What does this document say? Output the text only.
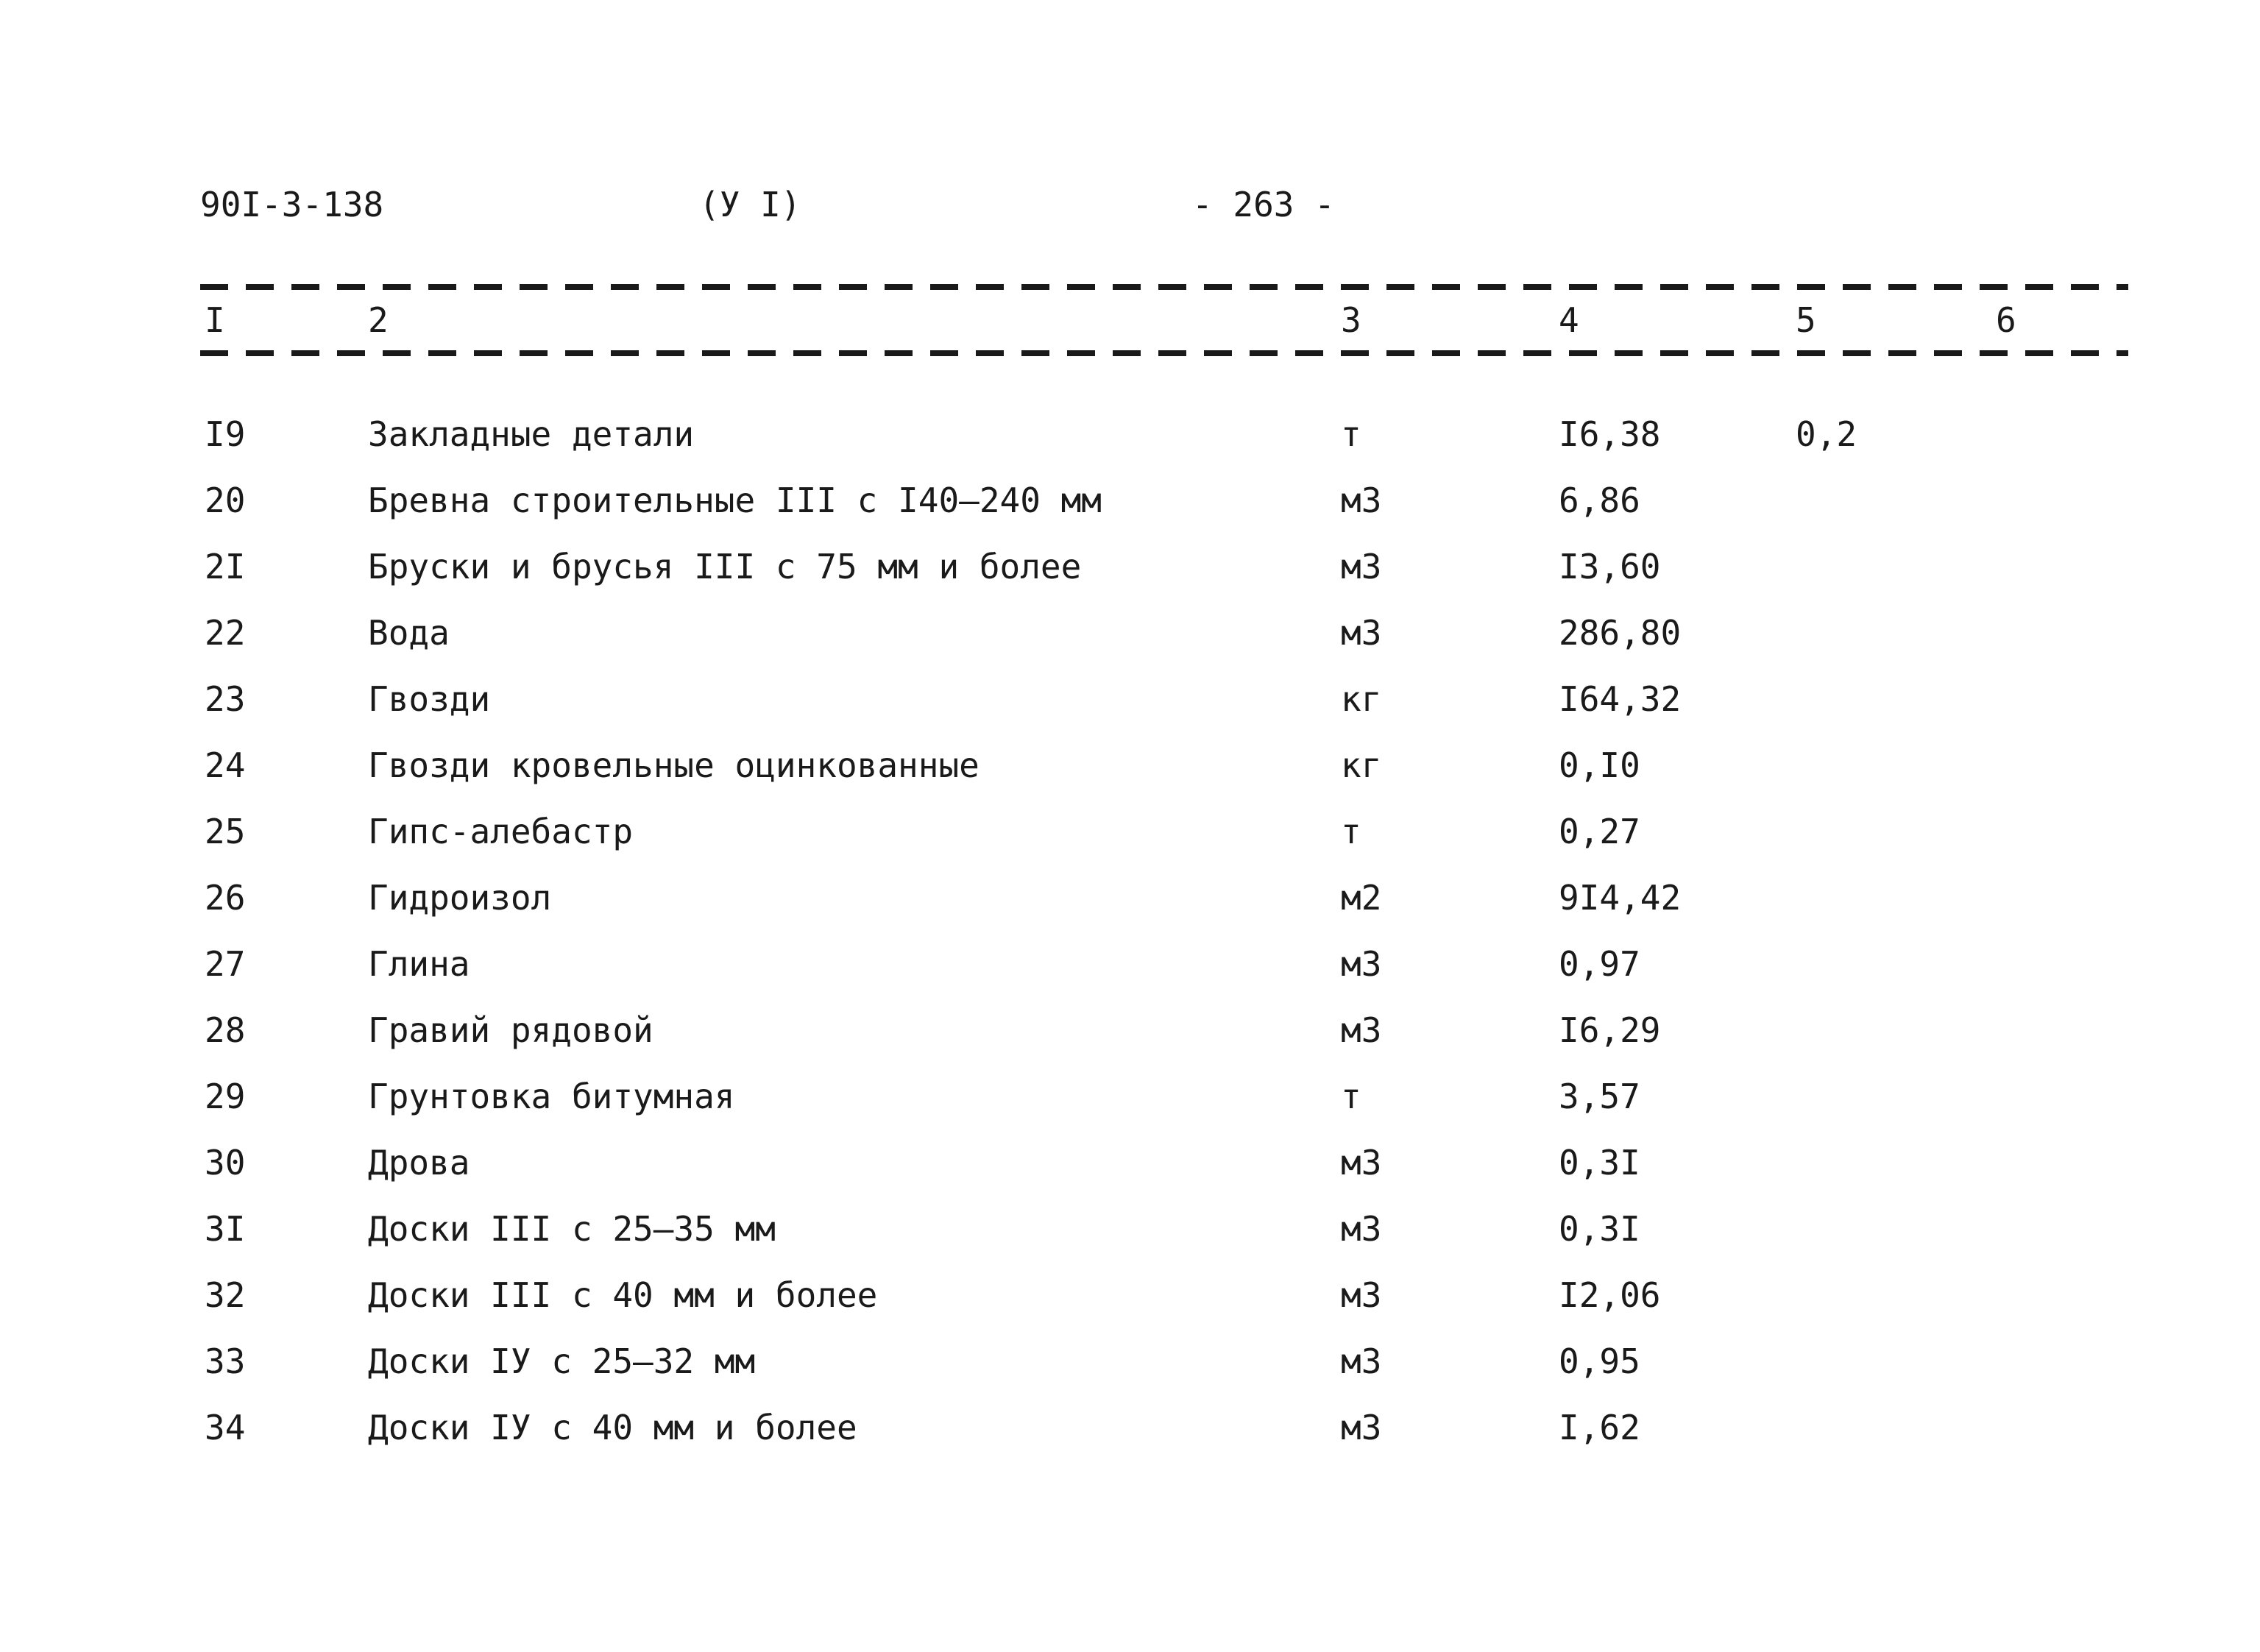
90I-3-138	(У I)	- 263 -
I	2	3	4	5	6
I9	Закладные детали	т	I6,38	0,2
20	Бревна строительные III с I40–240 мм	м3	6,86
2I	Бруски и брусья III с 75 мм и более	м3	I3,60
22	Вода	м3	286,80
23	Гвозди	кг	I64,32
24	Гвозди кровельные оцинкованные	кг	0,I0
25	Гипс-алебастр	т	0,27
26	Гидроизол	м2	9I4,42
27	Глина	м3	0,97
28	Гравий рядовой	м3	I6,29
29	Грунтовка битумная	т	3,57
30	Дрова	м3	0,3I
3I	Доски III с 25–35 мм	м3	0,3I
32	Доски III с 40 мм и более	м3	I2,06
33	Доски IУ с 25–32 мм	м3	0,95
34	Доски IУ с 40 мм и более	м3	I,62
